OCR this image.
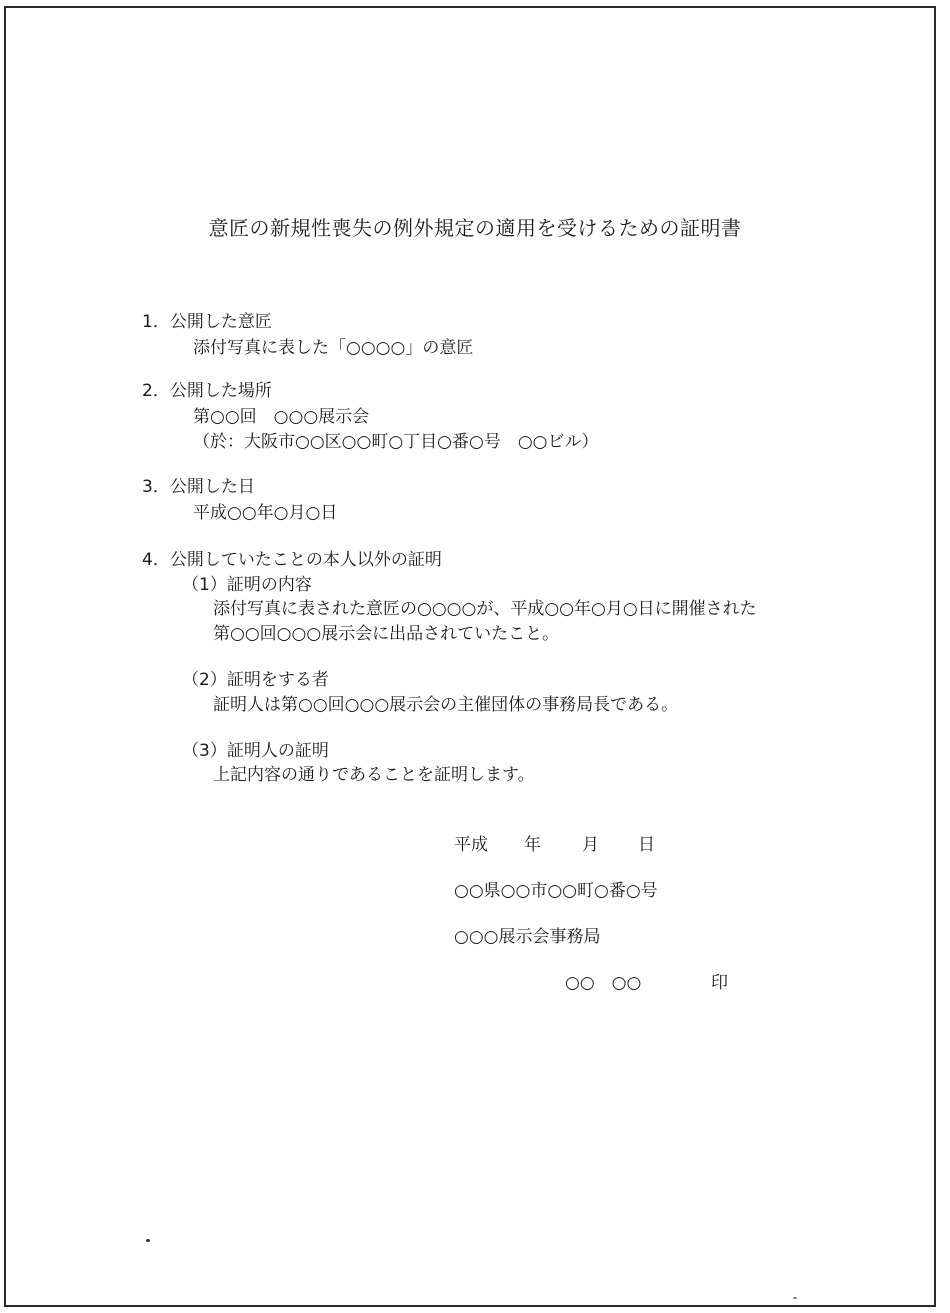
意匠の新規性喪失の例外規定の適用を受けるための証明書
1．公開した意匠
添付写真に表した「○○○○」の意匠
2．公開した場所
第○○回　○○○展示会
（於：大阪市○○区○○町○丁目○番○号　○○ビル）
3．公開した日
平成○○年○月○日
4．公開していたことの本人以外の証明
（1）証明の内容
添付写真に表された意匠の○○○○が、平成○○年○月○日に開催された
第○○回○○○展示会に出品されていたこと。
（2）証明をする者
証明人は第○○回○○○展示会の主催団体の事務局長である。
（3）証明人の証明
上記内容の通りであることを証明します。
平成 年 月 日
○○県○○市○○町○番○号
○○○展示会事務局
○○　○○	印
